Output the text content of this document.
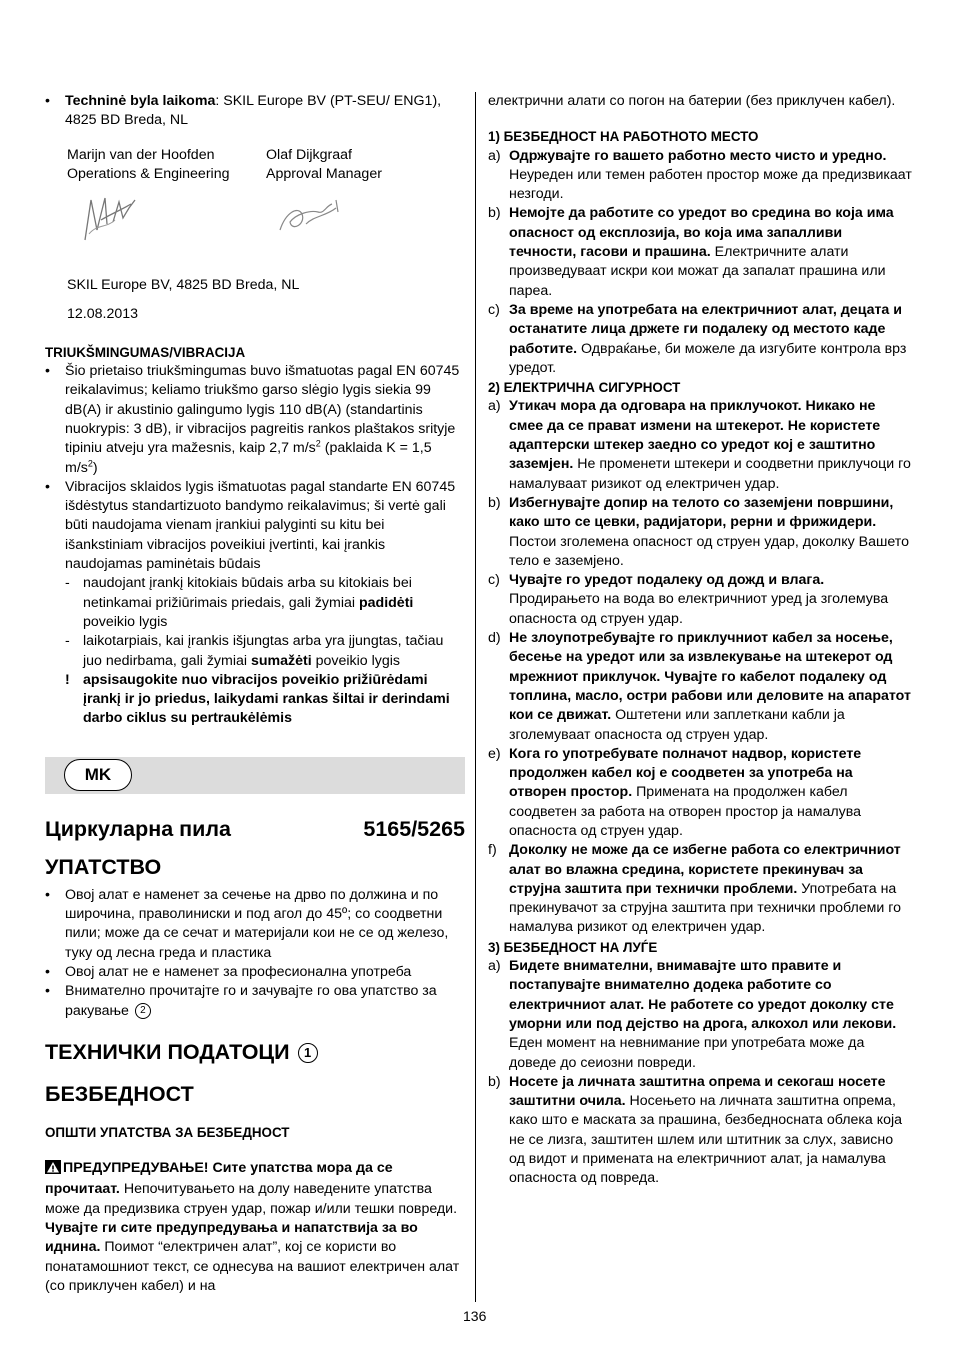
• Techninė byla laikoma: SKIL Europe BV (PT-SEU/ ENG1), 4825 BD Breda, NL

Marijn van der Hoofden
Operations & Engineering
Olaf Dijkgraaf
Approval Manager

SKIL Europe BV, 4825 BD Breda, NL

12.08.2013

TRIUKŠMINGUMAS/VIBRACIJA

• Šio prietaiso triukšmingumas buvo išmatuotas pagal EN 60745 reikalavimus; keliamo triukšmo garso slėgio lygis siekia 99 dB(A) ir akustinio galingumo lygis 110 dB(A) (standartinis nuokrypis: 3 dB), ir vibracijos pagreitis rankos plaštakos srityje tipiniu atveju yra mažesnis, kaip 2,7 $m/s^2$ (paklaida K = 1,5 $m/s^2$)

• Vibracijos sklaidos lygis išmatuotas pagal standarte EN 60745 išdėstytus standartizuoto bandymo reikalavimus; ši vertė gali būti naudojama vienam įrankiui palyginti su kitu bei išankstiniam vibracijos poveikiui įvertinti, kai įrankis naudojamas paminėtais būdais

- naudojant įrankį kitokiais būdais arba su kitokiais bei netinkamai prižiūrimais priedais, gali žymiai padidėti poveikio lygis

- laikotarpiais, kai įrankis išjungtas arba yra įjungtas, tačiau juo nedirbama, gali žymiai sumažėti poveikio lygis

! apsisaugokite nuo vibracijos poveikio prižiūrėdami įrankį ir jo priedus, laikydami rankas šiltai ir derindami darbo ciklus su pertraukėlėmis

MK
Циркуларна пила	5165/5265

УПАТСТВО

• Овој алат е наменет за сечење на дрво по должина и по широчина, праволиниски и под агол до 45º; со соодветни пили; може да се сечат и материјали кои не се од железо, туку од лесна греда и пластика

• Овој алат не е наменет за професионална употреба

• Внимателно прочитајте го и зачувајте го ова упатство за ракување 2

ТЕХНИЧКИ ПОДАТОЦИ 1

БЕЗБЕДНОСТ

ОПШТИ УПАТСТВА ЗА БЕЗБЕДНОСТ

ПРЕДУПРЕДУВАЊЕ! Сите упатства мора да се прочитаат. Непочитувањето на долу наведените упатства може да предизвика струен удар, пожар и/или тешки повреди. Чувајте ги сите предупредувања и напатствија за во иднина. Поимот “електричен алат”, кој се користи во понатамошниот текст, се однесува на вашиот електричен алат (со приклучен кабел) и на

електрични алати со погон на батерии (без приклучен кабел).

1) БЕЗБЕДНОСТ НА РАБОТНОТО МЕСТО

a) Одржувајте го вашето работно место чисто и уредно. Неуреден или темен работен простор може да предизвикаат незгоди.

b) Немојте да работите со уредот во средина во која има опасност од експлозија, во која има запалливи течности, гасови и прашина. Електричните алати произведуваат искри кои можат да запалат прашина или пареа.

c) За време на употребата на електричниот алат, децата и останатите лица држете ги подалеку од местото каде работите. Одвраќање, би можеле да изгубите контрола врз уредот.

2) ЕЛЕКТРИЧНА СИГУРНОСТ

a) Утикач мора да одговара на приклучокот. Никако не смее да се прават измени на штекерот. Не користете адаптерски штекер заедно со уредот кој е заштитно заземјен. Не променети штекери и соодветни приклучоци го намалуваат ризикот од електричен удар.

b) Избегнувајте допир на телото со заземјени површини, како што се цевки, радијатори, рерни и фрижидери. Постои зголемена опасност од струен удар, доколку Вашето тело е заземјено.

c) Чувајте го уредот подалеку од дожд и влага. Продирањето на вода во електричниот уред ја зголемува опасноста од струен удар.

d) Не злоупотребувајте го приклучниот кабел за носење, бесење на уредот или за извлекување на штекерот од мрежниот приклучок. Чувајте го кабелот подалеку од топлина, масло, остри рабови или деловите на апаратот кои се движат. Оштетени или заплеткани кабли ја зголемуваат опасноста од струен удар.

e) Кога го употребувате полначот надвор, користете продолжен кабел кој е соодветен за употреба на отворен простор. Примената на продолжен кабел соодветен за работа на отворен простор ја намалува опасноста од струен удар.

f) Доколку не може да се избегне работа со електричниот алат во влажна средина, користете прекинувач за струјна заштита при технички проблеми. Употребата на прекинувачот за струјна заштита при технички проблеми го намалува ризикот од електричен удар.

3) БЕЗБЕДНОСТ НА ЛУЃЕ

a) Бидете внимателни, внимавајте што правите и постапувајте внимателно додека работите со електричниот алат. Не работете со уредот доколку сте уморни или под дејство на дрога, алкохол или лекови. Еден момент на невнимание при употребата може да доведе до сеиозни повреди.

b) Носете ја личната заштитна опрема и секогаш носете заштитни очила. Носењето на личната заштитна опрема, како што е маската за прашина, безбедносната облека која не се лизга, заштитен шлем или штитник за слух, зависно од видот и примената на електричниот алат, ја намалува опасноста од повреда.

136
